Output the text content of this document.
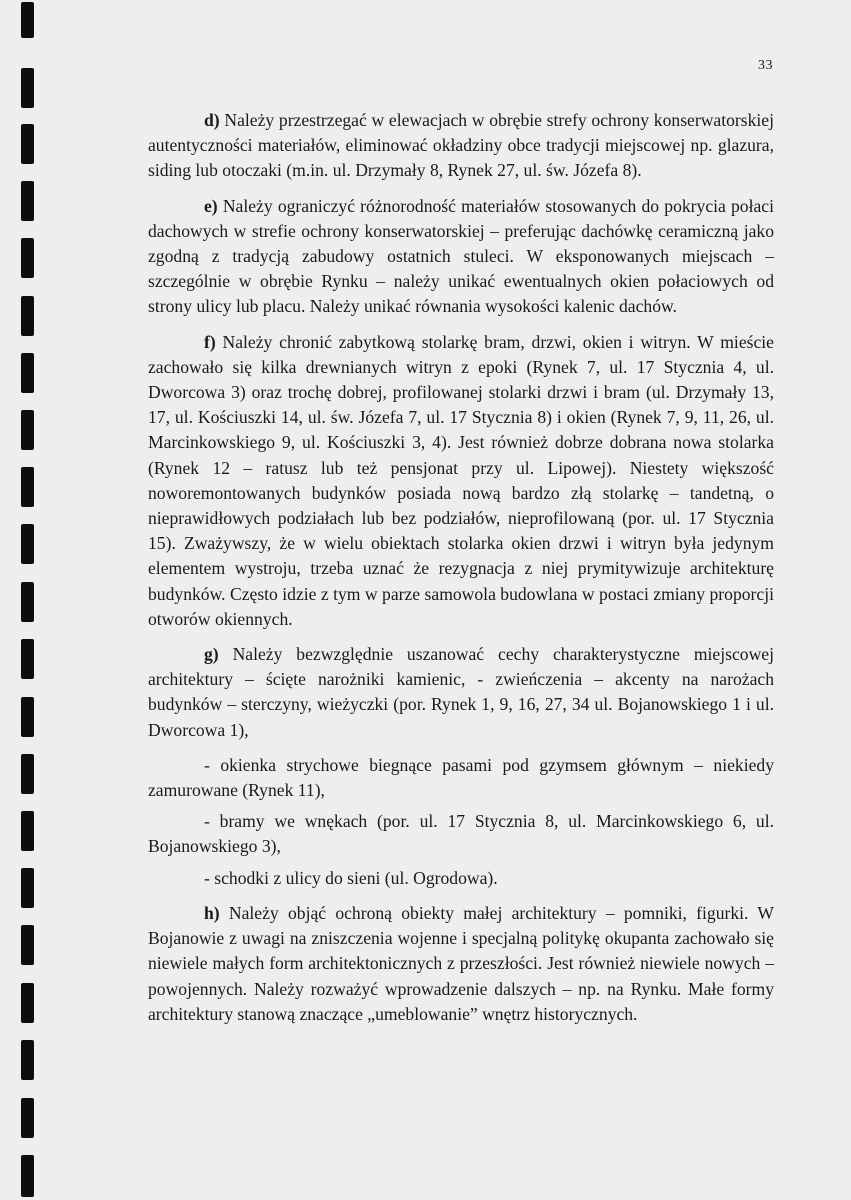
33

d) Należy przestrzegać w elewacjach w obrębie strefy ochrony konserwatorskiej autentyczności materiałów, eliminować okładziny obce tradycji miejscowej np. glazura, siding lub otoczaki (m.in. ul. Drzymały 8, Rynek 27, ul. św. Józefa 8).

e) Należy ograniczyć różnorodność materiałów stosowanych do pokrycia połaci dachowych w strefie ochrony konserwatorskiej – preferując dachówkę ceramiczną jako zgodną z tradycją zabudowy ostatnich stuleci. W eksponowanych miejscach – szczególnie w obrębie Rynku – należy unikać ewentualnych okien połaciowych od strony ulicy lub placu. Należy unikać równania wysokości kalenic dachów.

f) Należy chronić zabytkową stolarkę bram, drzwi, okien i witryn. W mieście zachowało się kilka drewnianych witryn z epoki (Rynek 7, ul. 17 Stycznia 4, ul. Dworcowa 3) oraz trochę dobrej, profilowanej stolarki drzwi i bram (ul. Drzymały 13, 17, ul. Kościuszki 14, ul. św. Józefa 7, ul. 17 Stycznia 8) i okien (Rynek 7, 9, 11, 26, ul. Marcinkowskiego 9, ul. Kościuszki 3, 4). Jest również dobrze dobrana nowa stolarka (Rynek 12 – ratusz lub też pensjonat przy ul. Lipowej). Niestety większość noworemontowanych budynków posiada nową bardzo złą stolarkę – tandetną, o nieprawidłowych podziałach lub bez podziałów, nieprofilowaną (por. ul. 17 Stycznia 15). Zważywszy, że w wielu obiektach stolarka okien drzwi i witryn była jedynym elementem wystroju, trzeba uznać że rezygnacja z niej prymitywizuje architekturę budynków. Często idzie z tym w parze samowola budowlana w postaci zmiany proporcji otworów okiennych.

g) Należy bezwzględnie uszanować cechy charakterystyczne miejscowej architektury – ścięte narożniki kamienic, - zwieńczenia – akcenty na narożach budynków – sterczyny, wieżyczki (por. Rynek 1, 9, 16, 27, 34 ul. Bojanowskiego 1 i ul. Dworcowa 1),

- okienka strychowe biegnące pasami pod gzymsem głównym – niekiedy zamurowane (Rynek 11),

- bramy we wnękach (por. ul. 17 Stycznia 8, ul. Marcinkowskiego 6, ul. Bojanowskiego 3),

- schodki z ulicy do sieni (ul. Ogrodowa).

h) Należy objąć ochroną obiekty małej architektury – pomniki, figurki. W Bojanowie z uwagi na zniszczenia wojenne i specjalną politykę okupanta zachowało się niewiele małych form architektonicznych z przeszłości. Jest również niewiele nowych – powojennych. Należy rozważyć wprowadzenie dalszych – np. na Rynku. Małe formy architektury stanową znaczące „umeblowanie” wnętrz historycznych.
